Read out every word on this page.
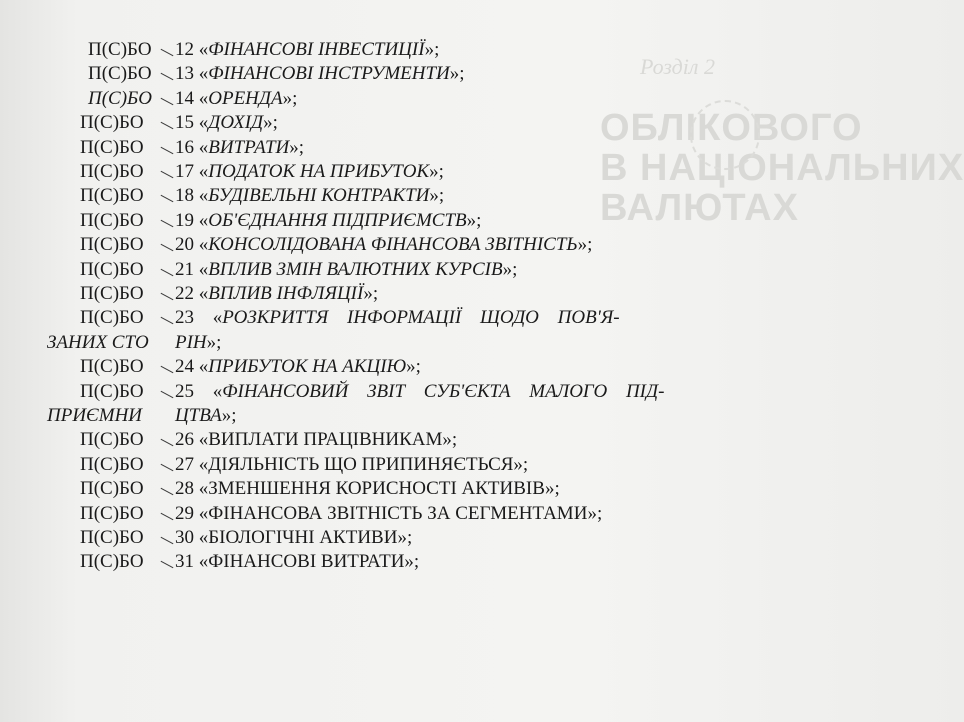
Розділ 2
ОБЛІКОВОГО
В НАЦІОНАЛЬНИХ
ВАЛЮТАХ
П(С)БО 12 «ФІНАНСОВІ ІНВЕСТИЦІЇ»;
П(С)БО 13 «ФІНАНСОВІ ІНСТРУМЕНТИ»;
П(С)БО 14 «ОРЕНДА»;
П(С)БО 15 «ДОХІД»;
П(С)БО 16 «ВИТРАТИ»;
П(С)БО 17 «ПОДАТОК НА ПРИБУТОК»;
П(С)БО 18 «БУДІВЕЛЬНІ КОНТРАКТИ»;
П(С)БО 19 «ОБ'ЄДНАННЯ ПІДПРИЄМСТВ»;
П(С)БО 20 «КОНСОЛІДОВАНА ФІНАНСОВА ЗВІТНІСТЬ»;
П(С)БО 21 «ВПЛИВ ЗМІН ВАЛЮТНИХ КУРСІВ»;
П(С)БО 22 «ВПЛИВ ІНФЛЯЦІЇ»;
П(С)БО 23 «РОЗКРИТТЯ ІНФОРМАЦІЇ ЩОДО ПОВ'Я-
ЗАНИХ СТО РІН»;
П(С)БО 24 «ПРИБУТОК НА АКЦІЮ»;
П(С)БО 25 «ФІНАНСОВИЙ ЗВІТ СУБ'ЄКТА МАЛОГО ПІД-
ПРИЄМНИ ЦТВА»;
П(С)БО 26 «ВИПЛАТИ ПРАЦІВНИКАМ»;
П(С)БО 27 «ДІЯЛЬНІСТЬ ЩО ПРИПИНЯЄТЬСЯ»;
П(С)БО 28 «ЗМЕНШЕННЯ КОРИСНОСТІ АКТИВІВ»;
П(С)БО 29 «ФІНАНСОВА ЗВІТНІСТЬ ЗА СЕГМЕНТАМИ»;
П(С)БО 30 «БІОЛОГІЧНІ АКТИВИ»;
П(С)БО 31 «ФІНАНСОВІ ВИТРАТИ»;
